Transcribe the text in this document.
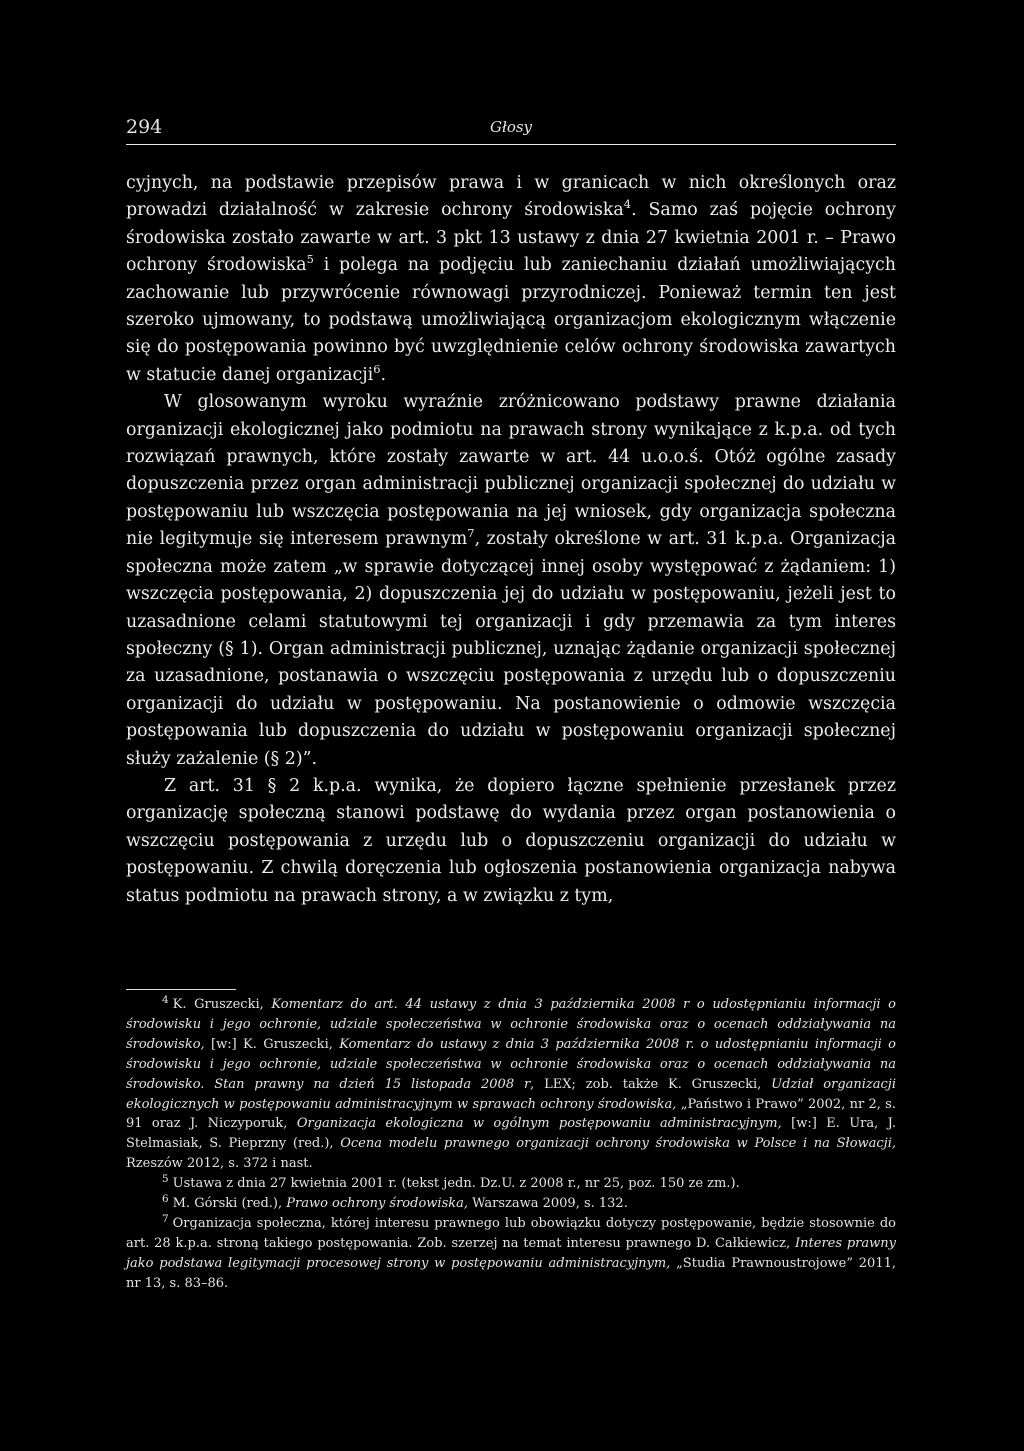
294	Głosy

cyjnych, na podstawie przepisów prawa i w granicach w nich określonych oraz prowadzi działalność w zakresie ochrony środowiska$^4$. Samo zaś pojęcie ochrony środowiska zostało zawarte w art. 3 pkt 13 ustawy z dnia 27 kwietnia 2001 r. – Prawo ochrony środowiska$^5$ i polega na podjęciu lub zaniechaniu działań umożliwiających zachowanie lub przywrócenie równowagi przyrodniczej. Ponieważ termin ten jest szeroko ujmowany, to podstawą umożliwiającą organizacjom ekologicznym włączenie się do postępowania powinno być uwzględnienie celów ochrony środowiska zawartych w statucie danej organizacji$^6$.

W glosowanym wyroku wyraźnie zróżnicowano podstawy prawne działania organizacji ekologicznej jako podmiotu na prawach strony wynikające z k.p.a. od tych rozwiązań prawnych, które zostały zawarte w art. 44 u.o.o.ś. Otóż ogólne zasady dopuszczenia przez organ administracji publicznej organizacji społecznej do udziału w postępowaniu lub wszczęcia postępowania na jej wniosek, gdy organizacja społeczna nie legitymuje się interesem prawnym$^7$, zostały określone w art. 31 k.p.a. Organizacja społeczna może zatem „w sprawie dotyczącej innej osoby występować z żądaniem: 1) wszczęcia postępowania, 2) dopuszczenia jej do udziału w postępowaniu, jeżeli jest to uzasadnione celami statutowymi tej organizacji i gdy przemawia za tym interes społeczny (§ 1). Organ administracji publicznej, uznając żądanie organizacji społecznej za uzasadnione, postanawia o wszczęciu postępowania z urzędu lub o dopuszczeniu organizacji do udziału w postępowaniu. Na postanowienie o odmowie wszczęcia postępowania lub dopuszczenia do udziału w postępowaniu organizacji społecznej służy zażalenie (§ 2)”.

Z art. 31 § 2 k.p.a. wynika, że dopiero łączne spełnienie przesłanek przez organizację społeczną stanowi podstawę do wydania przez organ postanowienia o wszczęciu postępowania z urzędu lub o dopuszczeniu organizacji do udziału w postępowaniu. Z chwilą doręczenia lub ogłoszenia postanowienia organizacja nabywa status podmiotu na prawach strony, a w związku z tym,

$^4$ K. Gruszecki, Komentarz do art. 44 ustawy z dnia 3 października 2008 r o udostępnianiu informacji o środowisku i jego ochronie, udziale społeczeństwa w ochronie środowiska oraz o ocenach oddziaływania na środowisko, [w:] K. Gruszecki, Komentarz do ustawy z dnia 3 października 2008 r. o udostępnianiu informacji o środowisku i jego ochronie, udziale społeczeństwa w ochronie środowiska oraz o ocenach oddziaływania na środowisko. Stan prawny na dzień 15 listopada 2008 r, LEX; zob. także K. Gruszecki, Udział organizacji ekologicznych w postępowaniu administracyjnym w sprawach ochrony środowiska, „Państwo i Prawo” 2002, nr 2, s. 91 oraz J. Niczyporuk, Organizacja ekologiczna w ogólnym postępowaniu administracyjnym, [w:] E. Ura, J. Stelmasiak, S. Pieprzny (red.), Ocena modelu prawnego organizacji ochrony środowiska w Polsce i na Słowacji, Rzeszów 2012, s. 372 i nast.

$^5$ Ustawa z dnia 27 kwietnia 2001 r. (tekst jedn. Dz.U. z 2008 r., nr 25, poz. 150 ze zm.).

$^6$ M. Górski (red.), Prawo ochrony środowiska, Warszawa 2009, s. 132.

$^7$ Organizacja społeczna, której interesu prawnego lub obowiązku dotyczy postępowanie, będzie stosownie do art. 28 k.p.a. stroną takiego postępowania. Zob. szerzej na temat interesu prawnego D. Całkiewicz, Interes prawny jako podstawa legitymacji procesowej strony w postępowaniu administracyjnym, „Studia Prawnoustrojowe” 2011, nr 13, s. 83–86.
